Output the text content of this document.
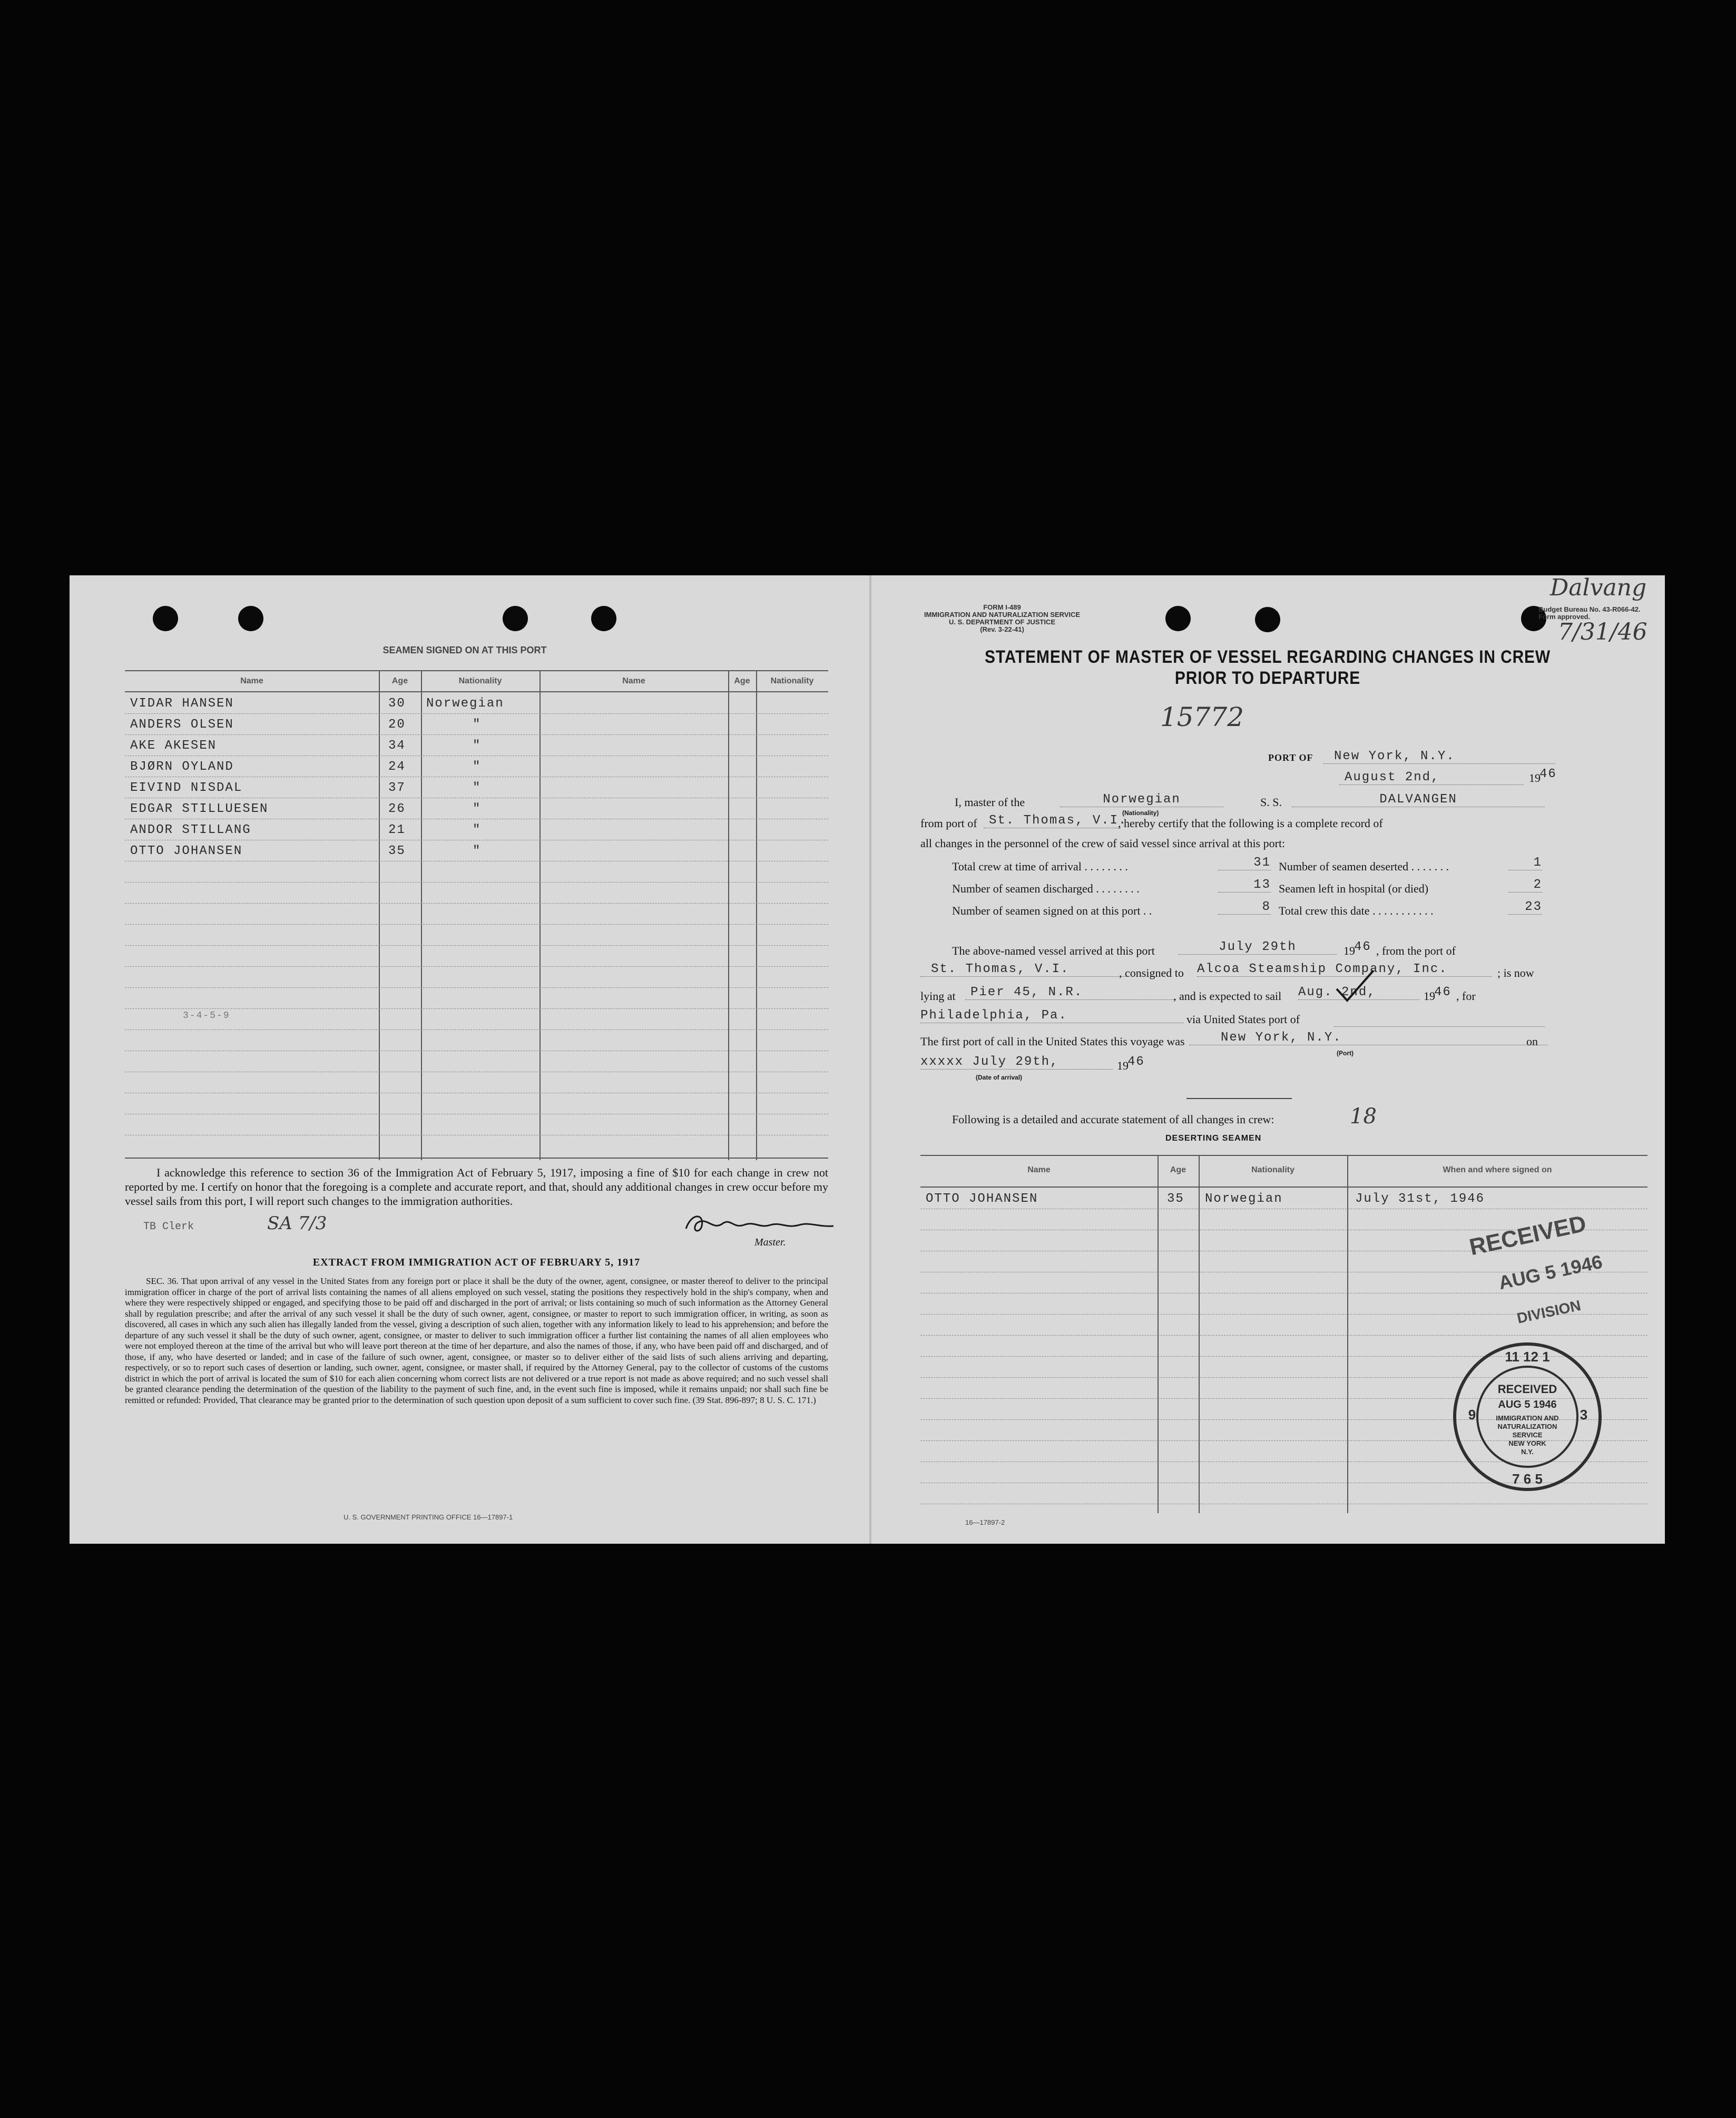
SEAMEN SIGNED ON AT THIS PORT
Name	Age	Nationality	Name	Age	Nationality
VIDAR HANSEN	30 Norwegian
ANDERS OLSEN	20	"
AKE AKESEN	34	"
BJØRN OYLAND	24	"
EIVIND NISDAL	37	"
EDGAR STILLUESEN	26	"
ANDOR STILLANG	21	"
OTTO JOHANSEN	35	"
3-4-5-9
I acknowledge this reference to section 36 of the Immigration Act of February 5, 1917, imposing a fine of $10 for each change in crew not reported by me. I certify on honor that the foregoing is a complete and accurate report, and that, should any additional changes in crew occur before my vessel sails from this port, I will report such changes to the immigration authorities.
TB Clerk	SA 7/3
Master.
EXTRACT FROM IMMIGRATION ACT OF FEBRUARY 5, 1917
SEC. 36. That upon arrival of any vessel in the United States from any foreign port or place it shall be the duty of the owner, agent, consignee, or master thereof to deliver to the principal immigration officer in charge of the port of arrival lists containing the names of all aliens employed on such vessel, stating the positions they respectively hold in the ship's company, when and where they were respectively shipped or engaged, and specifying those to be paid off and discharged in the port of arrival; or lists containing so much of such information as the Attorney General shall by regulation prescribe; and after the arrival of any such vessel it shall be the duty of such owner, agent, consignee, or master to report to such immigration officer, in writing, as soon as discovered, all cases in which any such alien has illegally landed from the vessel, giving a description of such alien, together with any information likely to lead to his apprehension; and before the departure of any such vessel it shall be the duty of such owner, agent, consignee, or master to deliver to such immigration officer a further list containing the names of all alien employees who were not employed thereon at the time of the arrival but who will leave port thereon at the time of her departure, and also the names of those, if any, who have been paid off and discharged, and of those, if any, who have deserted or landed; and in case of the failure of such owner, agent, consignee, or master so to deliver either of the said lists of such aliens arriving and departing, respectively, or so to report such cases of desertion or landing, such owner, agent, consignee, or master shall, if required by the Attorney General, pay to the collector of customs of the customs district in which the port of arrival is located the sum of $10 for each alien concerning whom correct lists are not delivered or a true report is not made as above required; and no such vessel shall be granted clearance pending the determination of the question of the liability to the payment of such fine, and, in the event such fine is imposed, while it remains unpaid; nor shall such fine be remitted or refunded: Provided, That clearance may be granted prior to the determination of such question upon deposit of a sum sufficient to cover such fine. (39 Stat. 896-897; 8 U. S. C. 171.)
U. S. GOVERNMENT PRINTING OFFICE 16—17897-1
FORM I-489
IMMIGRATION AND NATURALIZATION SERVICE
U. S. DEPARTMENT OF JUSTICE
(Rev. 3-22-41)
Budget Bureau No. 43-R066-42.
Form approved.
Dalvang
7/31/46
STATEMENT OF MASTER OF VESSEL REGARDING CHANGES IN CREW
PRIOR TO DEPARTURE
15772
PORT OF	New York, N.Y.
August 2nd,	19
46
I, master of the	Norwegian
(Nationality)
S. S.	DALVANGEN
from port of St. Thomas, V.I.
, hereby certify that the following is a complete record of
all changes in the personnel of the crew of said vessel since arrival at this port:
Total crew at time of arrival . . . . . . . .	31 Number of seamen deserted . . . . . . .	1
Number of seamen discharged . . . . . . . .	13 Seamen left in hospital (or died)	2
Number of seamen signed on at this port . .	8 Total crew this date . . . . . . . . . . .	23
The above-named vessel arrived at this port	July 29th	19
46 , from the port of
St. Thomas, V.I.	, consigned to Alcoa Steamship Company, Inc.	; is now
lying at	Pier 45, N.R.	, and is expected to sail Aug. 2nd,	19
46 , for
Philadelphia, Pa.	via United States port of
The first port of call in the United States this voyage was	New York, N.Y.	on
(Port)
xxxxx July 29th,	19
46
(Date of arrival)
Following is a detailed and accurate statement of all changes in crew:	18
DESERTING SEAMEN
Name	Age	Nationality	When and where signed on
OTTO JOHANSEN	35 Norwegian	July 31st, 1946
RECEIVED
AUG 5 1946
DIVISION
11 12 1
9	3
7 6 5
RECEIVED
AUG 5 1946
IMMIGRATION AND
NATURALIZATION
SERVICE
NEW YORK
N.Y.
16—17897-2
